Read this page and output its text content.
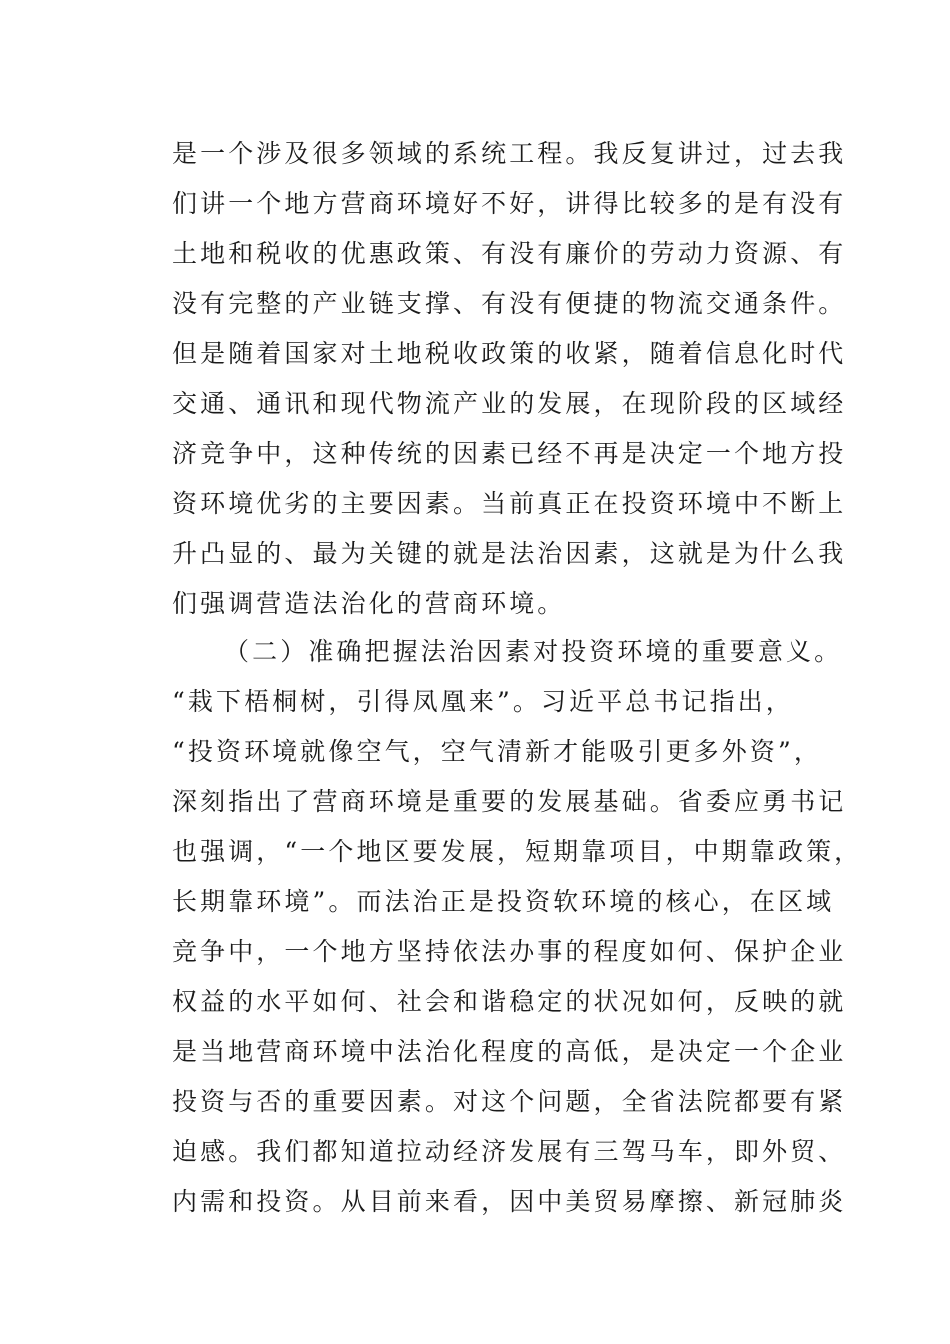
是一个涉及很多领域的系统工程。我反复讲过，过去我
们讲一个地方营商环境好不好，讲得比较多的是有没有
土地和税收的优惠政策、有没有廉价的劳动力资源、有
没有完整的产业链支撑、有没有便捷的物流交通条件。
但是随着国家对土地税收政策的收紧，随着信息化时代
交通、通讯和现代物流产业的发展，在现阶段的区域经
济竞争中，这种传统的因素已经不再是决定一个地方投
资环境优劣的主要因素。当前真正在投资环境中不断上
升凸显的、最为关键的就是法治因素，这就是为什么我
们强调营造法治化的营商环境。
（二）准确把握法治因素对投资环境的重要意义。
“栽下梧桐树，引得凤凰来”。习近平总书记指出，
“投资环境就像空气，空气清新才能吸引更多外资”，
深刻指出了营商环境是重要的发展基础。省委应勇书记
也强调，“一个地区要发展，短期靠项目，中期靠政策，
长期靠环境”。而法治正是投资软环境的核心，在区域
竞争中，一个地方坚持依法办事的程度如何、保护企业
权益的水平如何、社会和谐稳定的状况如何，反映的就
是当地营商环境中法治化程度的高低，是决定一个企业
投资与否的重要因素。对这个问题，全省法院都要有紧
迫感。我们都知道拉动经济发展有三驾马车，即外贸、
内需和投资。从目前来看，因中美贸易摩擦、新冠肺炎
